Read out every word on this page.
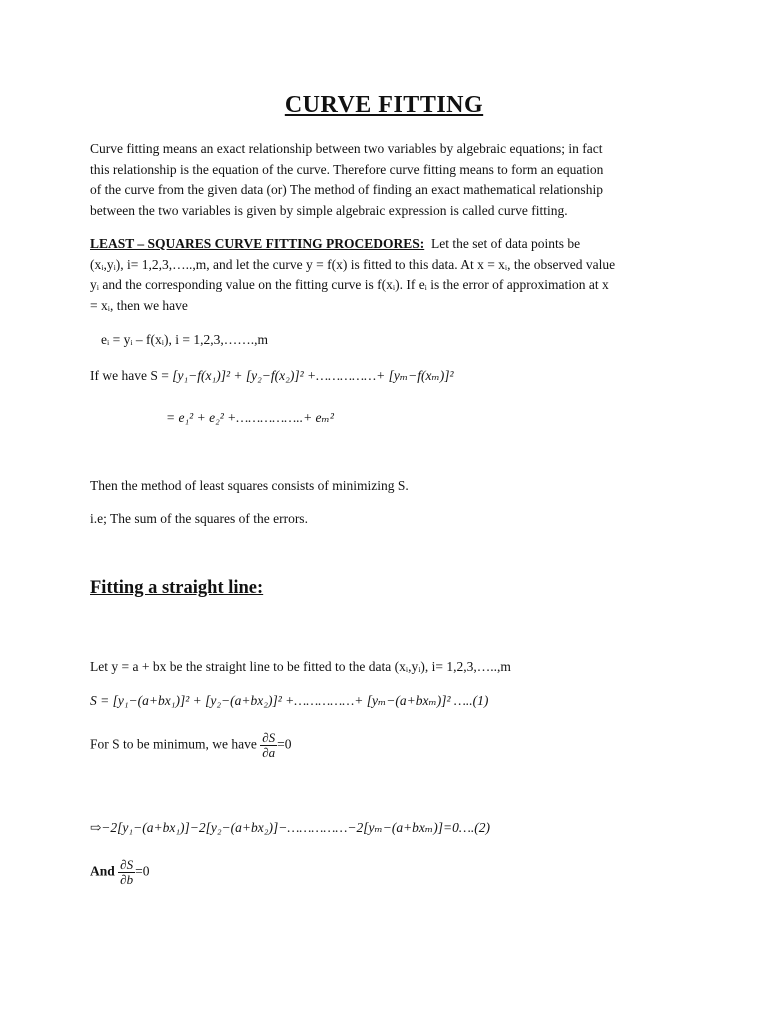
CURVE FITTING
Curve fitting means an exact relationship between two variables by algebraic equations; in fact
this relationship is the equation of the curve. Therefore curve fitting means to form an equation
of the curve from the given data (or) The method of finding an exact mathematical relationship
between the two variables is given by simple algebraic expression is called curve fitting.
LEAST – SQUARES CURVE FITTING PROCEDORES: Let the set of data points be
(xᵢ,yᵢ), i= 1,2,3,…..,m, and let the curve y = f(x) is fitted to this data. At x = xᵢ, the observed value
yᵢ and the corresponding value on the fitting curve is f(xᵢ). If eᵢ is the error of approximation at x
= xᵢ, then we have
eᵢ = yᵢ – f(xᵢ), i = 1,2,3,…….,m
If we have S = [y₁−f(x₁)]² + [y₂−f(x₂)]² +……………+ [yₘ−f(xₘ)]²
= e₁² + e₂² +……………..+ eₘ²
Then the method of least squares consists of minimizing S.
i.e; The sum of the squares of the errors.
Fitting a straight line:
Let y = a + bx be the straight line to be fitted to the data (xᵢ,yᵢ), i= 1,2,3,…..,m
S = [y₁−(a+bx₁)]² + [y₂−(a+bx₂)]² +……………+ [yₘ−(a+bxₘ)]² …..(1)
For S to be minimum, we have $\frac{\partial S}{\partial a} =0$
⇨−2[y₁−(a+bx₁)]−2[y₂−(a+bx₂)]−……………−2[yₘ−(a+bxₘ)]=0….(2)
And $\frac{\partial S}{\partial b} =0$
